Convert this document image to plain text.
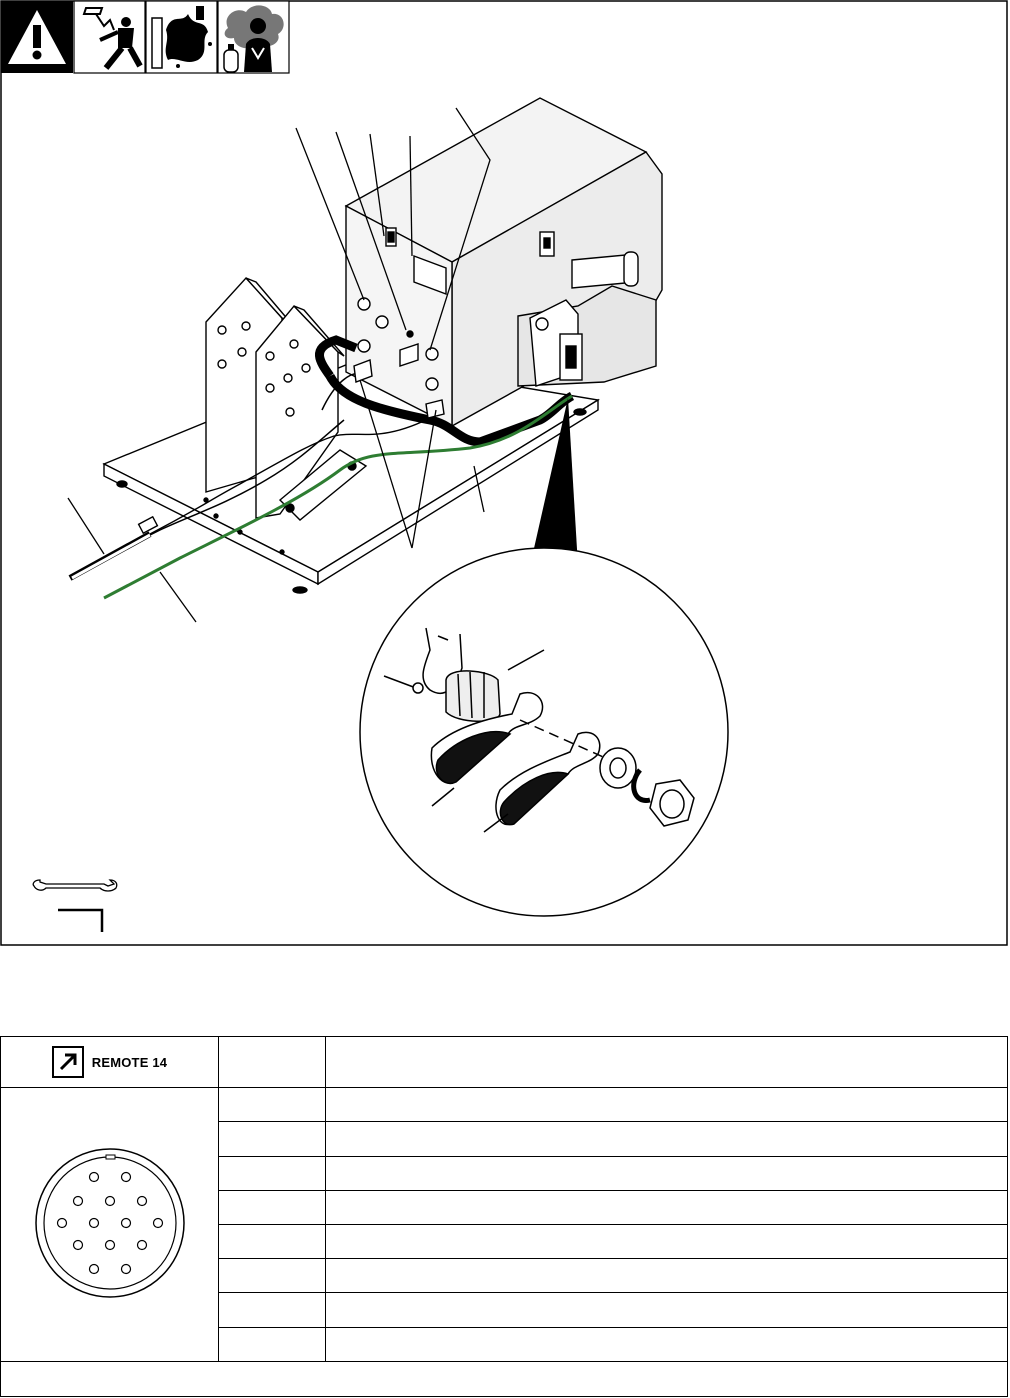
REMOTE 14		
